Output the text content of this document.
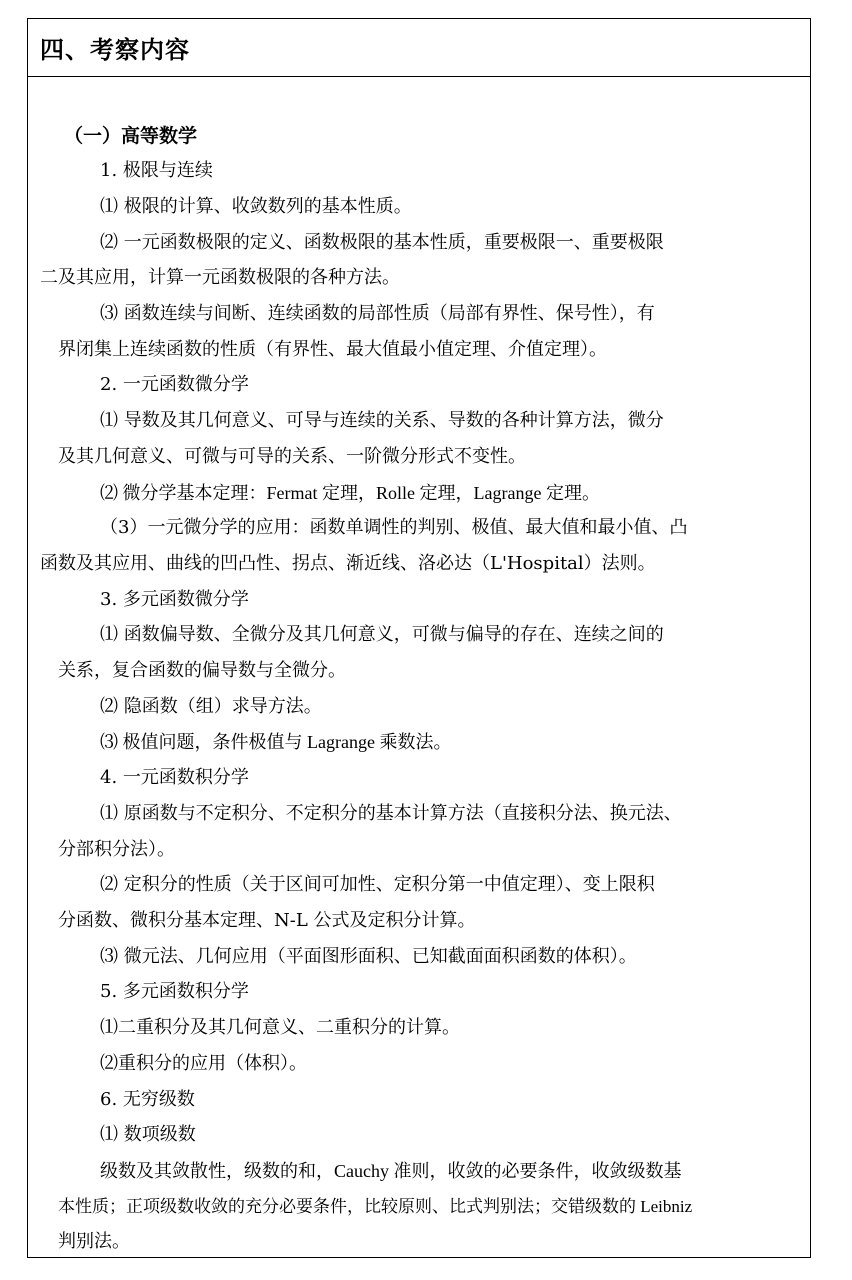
四、考察内容
（一）高等数学
1. 极限与连续
⑴ 极限的计算、收敛数列的基本性质。
⑵ 一元函数极限的定义、函数极限的基本性质，重要极限一、重要极限
二及其应用，计算一元函数极限的各种方法。
⑶ 函数连续与间断、连续函数的局部性质（局部有界性、保号性），有
界闭集上连续函数的性质（有界性、最大值最小值定理、介值定理）。
2. 一元函数微分学
⑴ 导数及其几何意义、可导与连续的关系、导数的各种计算方法，微分
及其几何意义、可微与可导的关系、一阶微分形式不变性。
⑵ 微分学基本定理：Fermat 定理，Rolle 定理，Lagrange 定理。
（3）一元微分学的应用：函数单调性的判别、极值、最大值和最小值、凸
函数及其应用、曲线的凹凸性、拐点、渐近线、洛必达（L'Hospital）法则。
3. 多元函数微分学
⑴ 函数偏导数、全微分及其几何意义，可微与偏导的存在、连续之间的
关系，复合函数的偏导数与全微分。
⑵ 隐函数（组）求导方法。
⑶ 极值问题，条件极值与 Lagrange 乘数法。
4. 一元函数积分学
⑴ 原函数与不定积分、不定积分的基本计算方法（直接积分法、换元法、
分部积分法）。
⑵ 定积分的性质（关于区间可加性、定积分第一中值定理）、变上限积
分函数、微积分基本定理、N-L 公式及定积分计算。
⑶ 微元法、几何应用（平面图形面积、已知截面面积函数的体积）。
5. 多元函数积分学
⑴二重积分及其几何意义、二重积分的计算。
⑵重积分的应用（体积）。
6. 无穷级数
⑴ 数项级数
级数及其敛散性，级数的和，Cauchy 准则，收敛的必要条件，收敛级数基
本性质；正项级数收敛的充分必要条件，比较原则、比式判别法；交错级数的 Leibniz
判别法。
